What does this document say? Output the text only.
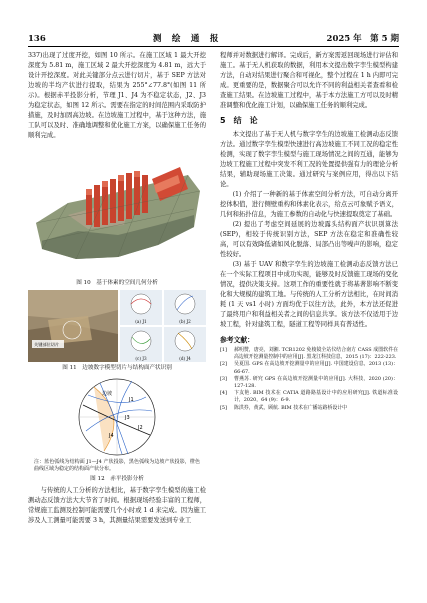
136	测　绘　通　报	2025 年　第 5 期

337)出现了过度开挖，如图 10 所示。在施工区域 1 最大开挖深度为 5.81 m，施工区域 2 最大开挖深度为 4.81 m，远大于设计开挖深度。对此关键部分点云进行切片，基于 SEP 方法对边坡的半均产状进行提取，结果为 255°∠77.8°(如图 11 所示)。根据赤平投影分析，节理 J1、J4 为不稳定状态，J2、J3 为稳定状态，如图 12 所示。需要在指定的时间范围内采取防护措施，及时加固高边坡。在边坡施工过程中，基于这种方法，施工队可以及时、准确地调整和优化施工方案，以确保施工任务的顺利完成。

图 10　基于体素的空间几何分析
关键部位切片
(a) J1	(b) J2
(c) J3	(d) J4
图 11　边坡数字模型切片与结构面产状识别
边坡
J1
J2
J3
J4
注：蓝色弧线为结构面 J1—J4 产状投影，黑色弧线为边坡产状投影，橙色曲线区域为稳定的结构面产状分布。
图 12　赤平投影分析

与传统的人工分析的方法相比，基于数字孪生模型的施工检测动态反馈方法大大节省了时间。根据现场经验丰富的工程师，常规施工监测及控制可能需要几个小时或 1 d 来完成。因为施工涉及人工测量可能需要 3 h，其测量结果需要发送到专业工

程师并对数据进行解译。完成后，新方案需返回现场进行评估和施工。基于无人机获取的数据，利用本文提出数字孪生模型构建方法，自动对结果进行聚合和可视化，整个过程在 1 h 内即可完成。更重要的是，数据聚合可以允许不同的利益相关者查看和检查施工结果。在边坡施工过程中，基于本方法施工方可以及时精准调整和优化施工计划，以确保施工任务的顺利完成。

5　结　论

本文提出了基于无人机与数字孪生的边坡施工检测动态反馈方法。通过数字孪生模型快速进行高边坡施工不同工况的稳定性检测，实现了数字孪生模型与施工现场情况之间的互通，能够为边坡工程施工过程中突发不利工况的处置提供强有力的理论分析结果，辅助现场施工决策。通过研究与案例应用，得出以下结论。

(1) 介绍了一种新的基于体素空间分析方法，可自动分离开挖体积值，进行侧壁重构和体素化表示，给点云可象赋予语义，几何和拓扑信息，为施工参数的自动化与快速提取奠定了基础。

(2) 提出了考虑空间延展的边坡露头结构面产状识别算法(SEP)，相较于传统识别方法，SEP 方法在稳定和准确性较高，可以有效降低诸如风化脱落、局部凸出等噪声的影响，稳定性较好。

(3) 基于 UAV 和数字孪生的边坡施工检测动态反馈方法已在一个实际工程项目中成功实现，能够及时反馈施工现场的变化情况，提供决策支持。这项工作的重要性就于将基著影响不断变化和大规模的建筑工地。与传统的人工分析方法相比，在时间消耗 (1 天 vs1 小时) 方面均优于以往方法，此外，本方法还促进了最终用户和利益相关者之间的信息共享。该方法不仅适用于边坡工程，针对建筑工程，隧道工程等同样具有普适性。

参考文献：
[1]	郝明赞，唐亮，刘湘. TCR1202 免棱镜全站仪结合南方 CASS 成图软件在高边坡开挖测量控制中的应用[J]. 黑龙江科技信息，2015 (17)：222-223.
[2]	吴夏国. GPS 在高边坡开挖测量中的应用[J]. 中国建设信息，2013 (13)：66-67.
[3]	曹燕苏. 研究 GPS 在高边坡开挖测量中的应用[J]. 大科技，2020 (20)：127-128.
[4]	卞友艳. BIM 技术在 CATIA 道路路基设计中的应用研究[J]. 铁道标准设计，2020，64 (9)：6-9.
[5]	陈洪券，黄武，顾航. BIM 技术在广播站路桥设计中
